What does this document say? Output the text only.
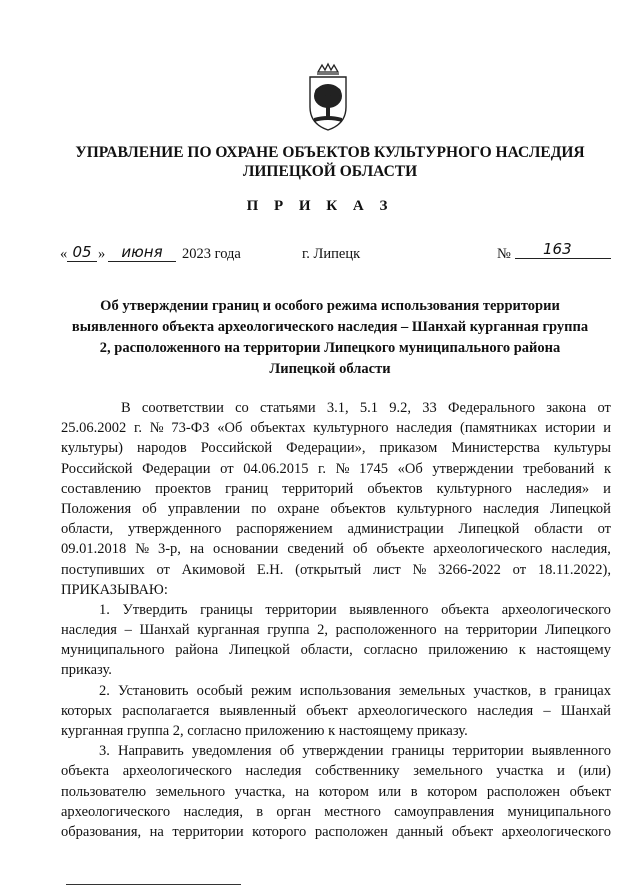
УПРАВЛЕНИЕ ПО ОХРАНЕ ОБЪЕКТОВ КУЛЬТУРНОГО НАСЛЕДИЯ
ЛИПЕЦКОЙ ОБЛАСТИ
П Р И К А З
« 05 »	июня	2023 года	г. Липецк	№	163
Об утверждении границ и особого режима использования территории
выявленного объекта археологического наследия – Шанхай курганная группа
2, расположенного на территории Липецкого муниципального района
Липецкой области
В соответствии со статьями 3.1, 5.1 9.2, 33 Федерального закона от
25.06.2002 г. № 73-ФЗ «Об объектах культурного наследия (памятниках истории и
культуры) народов Российской Федерации», приказом Министерства культуры
Российской Федерации от 04.06.2015 г. № 1745 «Об утверждении требований к
составлению проектов границ территорий объектов культурного наследия» и
Положения об управлении по охране объектов культурного наследия Липецкой
области, утвержденного распоряжением администрации Липецкой области от
09.01.2018 № 3-р, на основании сведений об объекте археологического наследия,
поступивших от Акимовой Е.Н. (открытый лист № 3266-2022 от 18.11.2022),
ПРИКАЗЫВАЮ:
1. Утвердить границы территории выявленного объекта археологического
наследия – Шанхай курганная группа 2, расположенного на территории Липецкого
муниципального района Липецкой области, согласно приложению к настоящему
приказу.
2. Установить особый режим использования земельных участков, в границах
которых располагается выявленный объект археологического наследия – Шанхай
курганная группа 2, согласно приложению к настоящему приказу.
3. Направить уведомления об утверждении границы территории выявленного
объекта археологического наследия собственнику земельного участка и (или)
пользователю земельного участка, на котором или в котором расположен объект
археологического наследия, в орган местного самоуправления муниципального
образования, на территории которого расположен данный объект археологического
